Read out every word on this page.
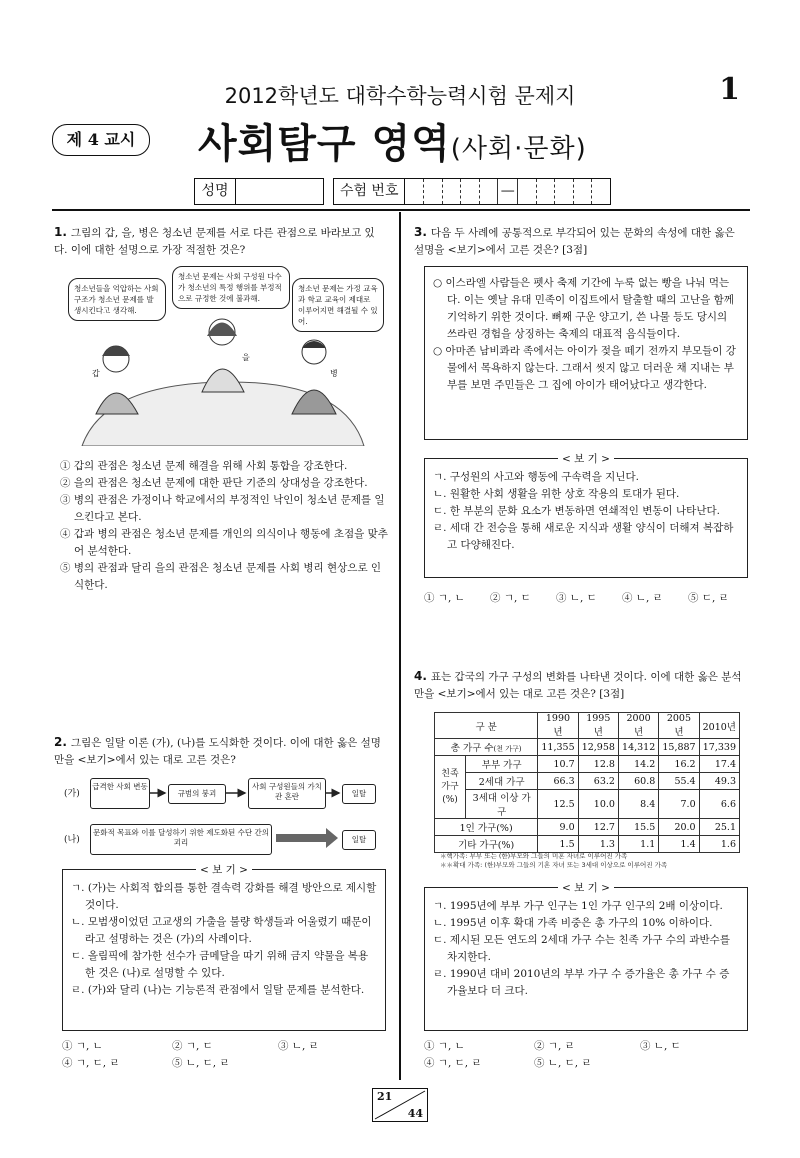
2012학년도 대학수학능력시험 문제지	1
제 4 교시	사회탐구 영역(사회·문화)
성명	수험 번호	—
1. 그림의 갑, 을, 병은 청소년 문제를 서로 다른 관점으로 바라보고 있다. 이에 대한 설명으로 가장 적절한 것은?
청소년들을 억압하는 사회 구조가 청소년 문제를 발생시킨다고 생각해.
청소년 문제는 사회 구성원 다수가 청소년의 특정 행위를 부정적으로 규정한 것에 불과해.
청소년 문제는 가정 교육과 학교 교육이 제대로 이루어지면 해결될 수 있어.
갑
을
병
① 갑의 관점은 청소년 문제 해결을 위해 사회 통합을 강조한다.
② 을의 관점은 청소년 문제에 대한 판단 기준의 상대성을 강조한다.
③ 병의 관점은 가정이나 학교에서의 부정적인 낙인이 청소년 문제를 일으킨다고 본다.
④ 갑과 병의 관점은 청소년 문제를 개인의 의식이나 행동에 초점을 맞추어 분석한다.
⑤ 병의 관점과 달리 을의 관점은 청소년 문제를 사회 병리 현상으로 인식한다.
2. 그림은 일탈 이론 (가), (나)를 도식화한 것이다. 이에 대한 옳은 설명만을 <보기>에서 있는 대로 고른 것은?
(가)
급격한 사회 변동
규범의 붕괴
사회 구성원들의 가치관 혼란	일탈
(나)
문화적 목표와 이를 달성하기 위한 제도화된 수단 간의 괴리	일탈
< 보 기 >
ㄱ. (가)는 사회적 합의를 통한 결속력 강화를 해결 방안으로 제시할 것이다.
ㄴ. 모범생이었던 고교생의 가출을 불량 학생들과 어울렸기 때문이라고 설명하는 것은 (가)의 사례이다.
ㄷ. 올림픽에 참가한 선수가 금메달을 따기 위해 금지 약물을 복용한 것은 (나)로 설명할 수 있다.
ㄹ. (가)와 달리 (나)는 기능론적 관점에서 일탈 문제를 분석한다.
① ㄱ, ㄴ	② ㄱ, ㄷ	③ ㄴ, ㄹ
④ ㄱ, ㄷ, ㄹ	⑤ ㄴ, ㄷ, ㄹ
3. 다음 두 사례에 공통적으로 부각되어 있는 문화의 속성에 대한 옳은 설명을 <보기>에서 고른 것은? [3점]
○ 이스라엘 사람들은 펫사 축제 기간에 누룩 없는 빵을 나눠 먹는다. 이는 옛날 유대 민족이 이집트에서 탈출할 때의 고난을 함께 기억하기 위한 것이다. 뼈째 구운 양고기, 쓴 나물 등도 당시의 쓰라린 경험을 상징하는 축제의 대표적 음식들이다.
○ 아마존 남비콰라 족에서는 아이가 젖을 떼기 전까지 부모들이 강물에서 목욕하지 않는다. 그래서 씻지 않고 더러운 채 지내는 부부를 보면 주민들은 그 집에 아이가 태어났다고 생각한다.
< 보 기 >
ㄱ. 구성원의 사고와 행동에 구속력을 지닌다.
ㄴ. 원활한 사회 생활을 위한 상호 작용의 토대가 된다.
ㄷ. 한 부분의 문화 요소가 변동하면 연쇄적인 변동이 나타난다.
ㄹ. 세대 간 전승을 통해 새로운 지식과 생활 양식이 더해져 복잡하고 다양해진다.
① ㄱ, ㄴ ② ㄱ, ㄷ ③ ㄴ, ㄷ ④ ㄴ, ㄹ ⑤ ㄷ, ㄹ
4. 표는 갑국의 가구 구성의 변화를 나타낸 것이다. 이에 대한 옳은 분석만을 <보기>에서 있는 대로 고른 것은? [3점]
구 분		1990년	1995년	2000년	2005년	2010년
총 가구 수(천 가구)		11,355	12,958	14,312	15,887	17,339
친족 가구 (%)	부부 가구	10.7	12.8	14.2	16.2	17.4
	2세대 가구	66.3	63.2	60.8	55.4	49.3
	3세대 이상 가구	12.5	10.0	8.4	7.0	6.6
1인 가구(%)		9.0	12.7	15.5	20.0	25.1
기타 가구(%)		1.5	1.3	1.1	1.4	1.6
＊핵가족: 부부 또는 (한)부모와 그들의 미혼 자녀로 이루어진 가족
＊＊확대 가족: (한)부모와 그들의 기혼 자녀 또는 3세대 이상으로 이루어진 가족
< 보 기 >
ㄱ. 1995년에 부부 가구 인구는 1인 가구 인구의 2배 이상이다.
ㄴ. 1995년 이후 확대 가족 비중은 총 가구의 10% 이하이다.
ㄷ. 제시된 모든 연도의 2세대 가구 수는 친족 가구 수의 과반수를 차지한다.
ㄹ. 1990년 대비 2010년의 부부 가구 수 증가율은 총 가구 수 증가율보다 더 크다.
① ㄱ, ㄴ	② ㄱ, ㄹ	③ ㄴ, ㄷ
④ ㄱ, ㄷ, ㄹ	⑤ ㄴ, ㄷ, ㄹ
21
44
